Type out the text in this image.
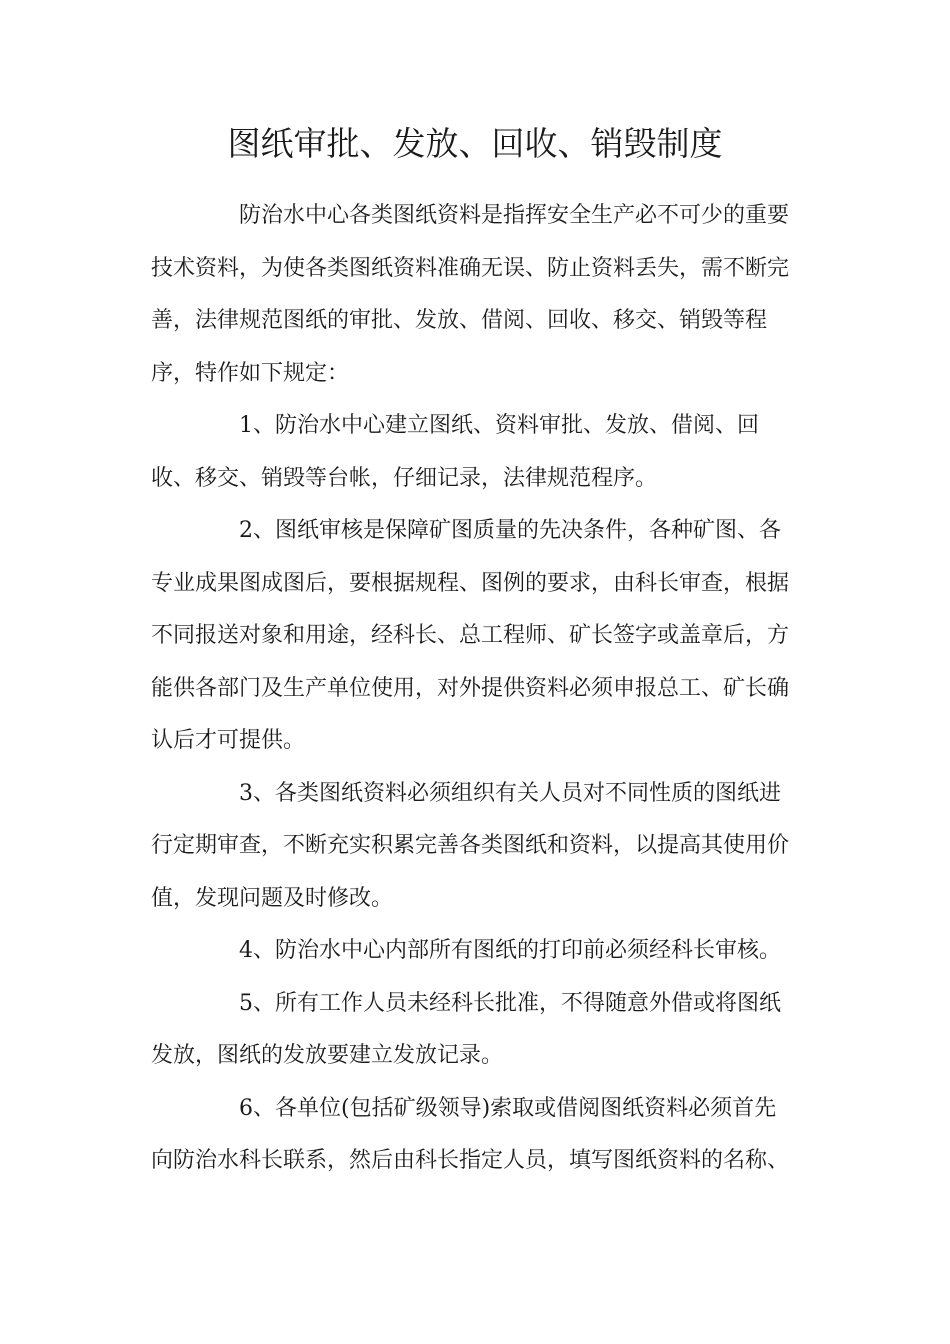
图纸审批、发放、回收、销毁制度

防治水中心各类图纸资料是指挥安全生产必不可少的重要
技术资料，为使各类图纸资料准确无误、防止资料丢失，需不断完
善，法律规范图纸的审批、发放、借阅、回收、移交、销毁等程
序，特作如下规定：

1、防治水中心建立图纸、资料审批、发放、借阅、回
收、移交、销毁等台帐，仔细记录，法律规范程序。

2、图纸审核是保障矿图质量的先决条件，各种矿图、各
专业成果图成图后，要根据规程、图例的要求，由科长审查，根据
不同报送对象和用途，经科长、总工程师、矿长签字或盖章后，方
能供各部门及生产单位使用，对外提供资料必须申报总工、矿长确
认后才可提供。

3、各类图纸资料必须组织有关人员对不同性质的图纸进
行定期审查，不断充实积累完善各类图纸和资料，以提高其使用价
值，发现问题及时修改。

4、防治水中心内部所有图纸的打印前必须经科长审核。

5、所有工作人员未经科长批准，不得随意外借或将图纸
发放，图纸的发放要建立发放记录。

6、各单位(包括矿级领导)索取或借阅图纸资料必须首先
向防治水科长联系，然后由科长指定人员，填写图纸资料的名称、
